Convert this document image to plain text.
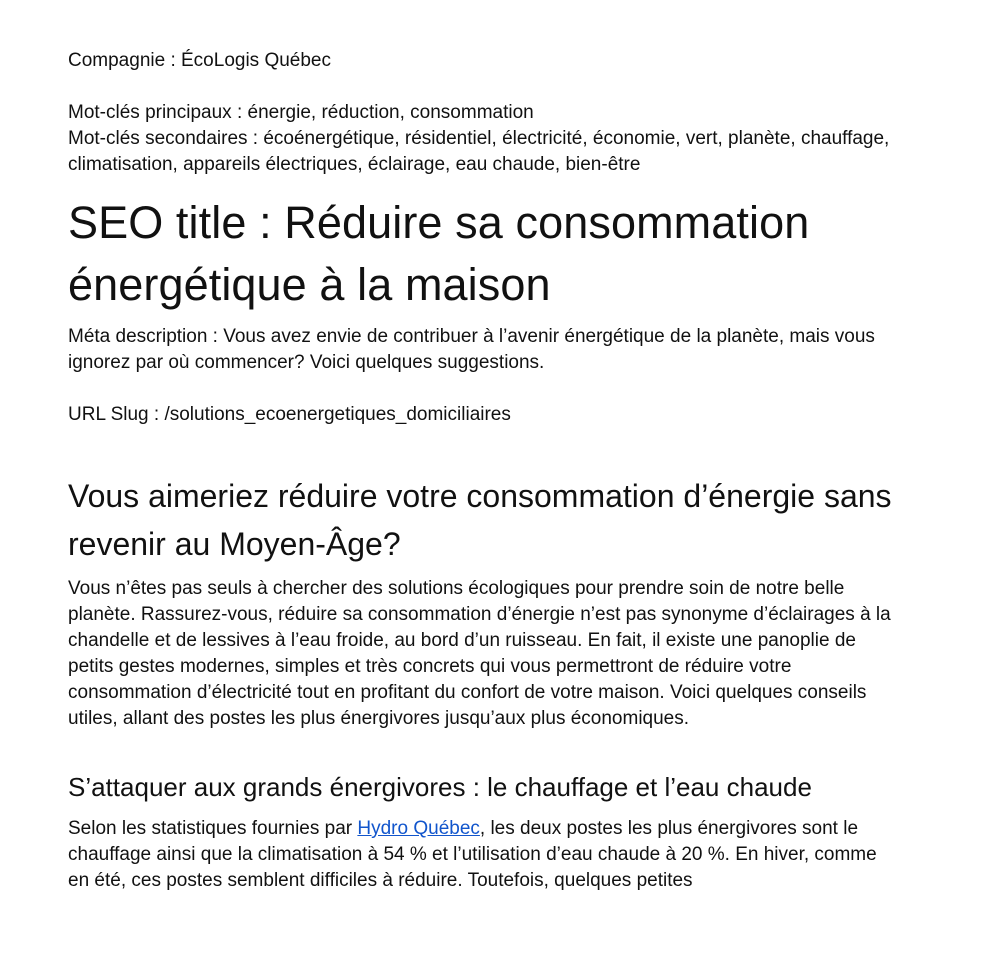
Compagnie : ÉcoLogis Québec

Mot-clés principaux : énergie, réduction, consommation

Mot-clés secondaires : écoénergétique, résidentiel, électricité, économie, vert, planète, chauffage, climatisation, appareils électriques, éclairage, eau chaude, bien-être

SEO title : Réduire sa consommation énergétique à la maison

Méta description : Vous avez envie de contribuer à l’avenir énergétique de la planète, mais vous ignorez par où commencer? Voici quelques suggestions.

URL Slug : /solutions_ecoenergetiques_domiciliaires

Vous aimeriez réduire votre consommation d’énergie sans revenir au Moyen-Âge?

Vous n’êtes pas seuls à chercher des solutions écologiques pour prendre soin de notre belle planète. Rassurez-vous, réduire sa consommation d’énergie n’est pas synonyme d’éclairages à la chandelle et de lessives à l’eau froide, au bord d’un ruisseau. En fait, il existe une panoplie de petits gestes modernes, simples et très concrets qui vous permettront de réduire votre consommation d’électricité tout en profitant du confort de votre maison. Voici quelques conseils utiles, allant des postes les plus énergivores jusqu’aux plus économiques.

S’attaquer aux grands énergivores : le chauffage et l’eau chaude

Selon les statistiques fournies par Hydro Québec, les deux postes les plus énergivores sont le chauffage ainsi que la climatisation à 54 % et l’utilisation d’eau chaude à 20 %. En hiver, comme en été, ces postes semblent difficiles à réduire. Toutefois, quelques petites
